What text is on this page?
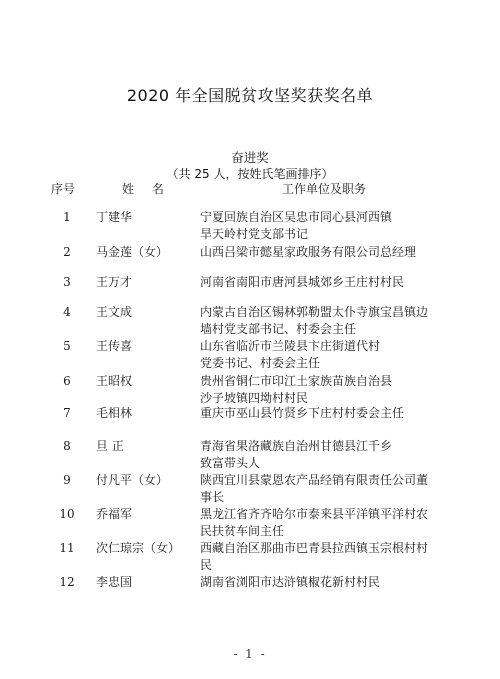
2020 年全国脱贫攻坚奖获奖名单
奋进奖
（共 25 人，按姓氏笔画排序）
序号	姓 名	工作单位及职务
1	丁建华	宁夏回族自治区吴忠市同心县河西镇
旱天岭村党支部书记
2	马金莲（女）	山西吕梁市懿星家政服务有限公司总经理
3	王万才	河南省南阳市唐河县城郊乡王庄村村民
4	王文成	内蒙古自治区锡林郭勒盟太仆寺旗宝昌镇边
墙村党支部书记、村委会主任
5	王传喜	山东省临沂市兰陵县卞庄街道代村
党委书记、村委会主任
6	王昭权	贵州省铜仁市印江土家族苗族自治县
沙子坡镇四坳村村民
7	毛相林	重庆市巫山县竹贤乡下庄村村委会主任
8	旦 正	青海省果洛藏族自治州甘德县江千乡
致富带头人
9	付凡平（女）	陕西宜川县蒙恩农产品经销有限责任公司董
事长
10	乔福军	黑龙江省齐齐哈尔市泰来县平洋镇平洋村农
民扶贫车间主任
11	次仁琼宗（女） 西藏自治区那曲市巴青县拉西镇玉宗根村村
民
12	李忠国	湖南省浏阳市达浒镇椒花新村村民
- 1 -
